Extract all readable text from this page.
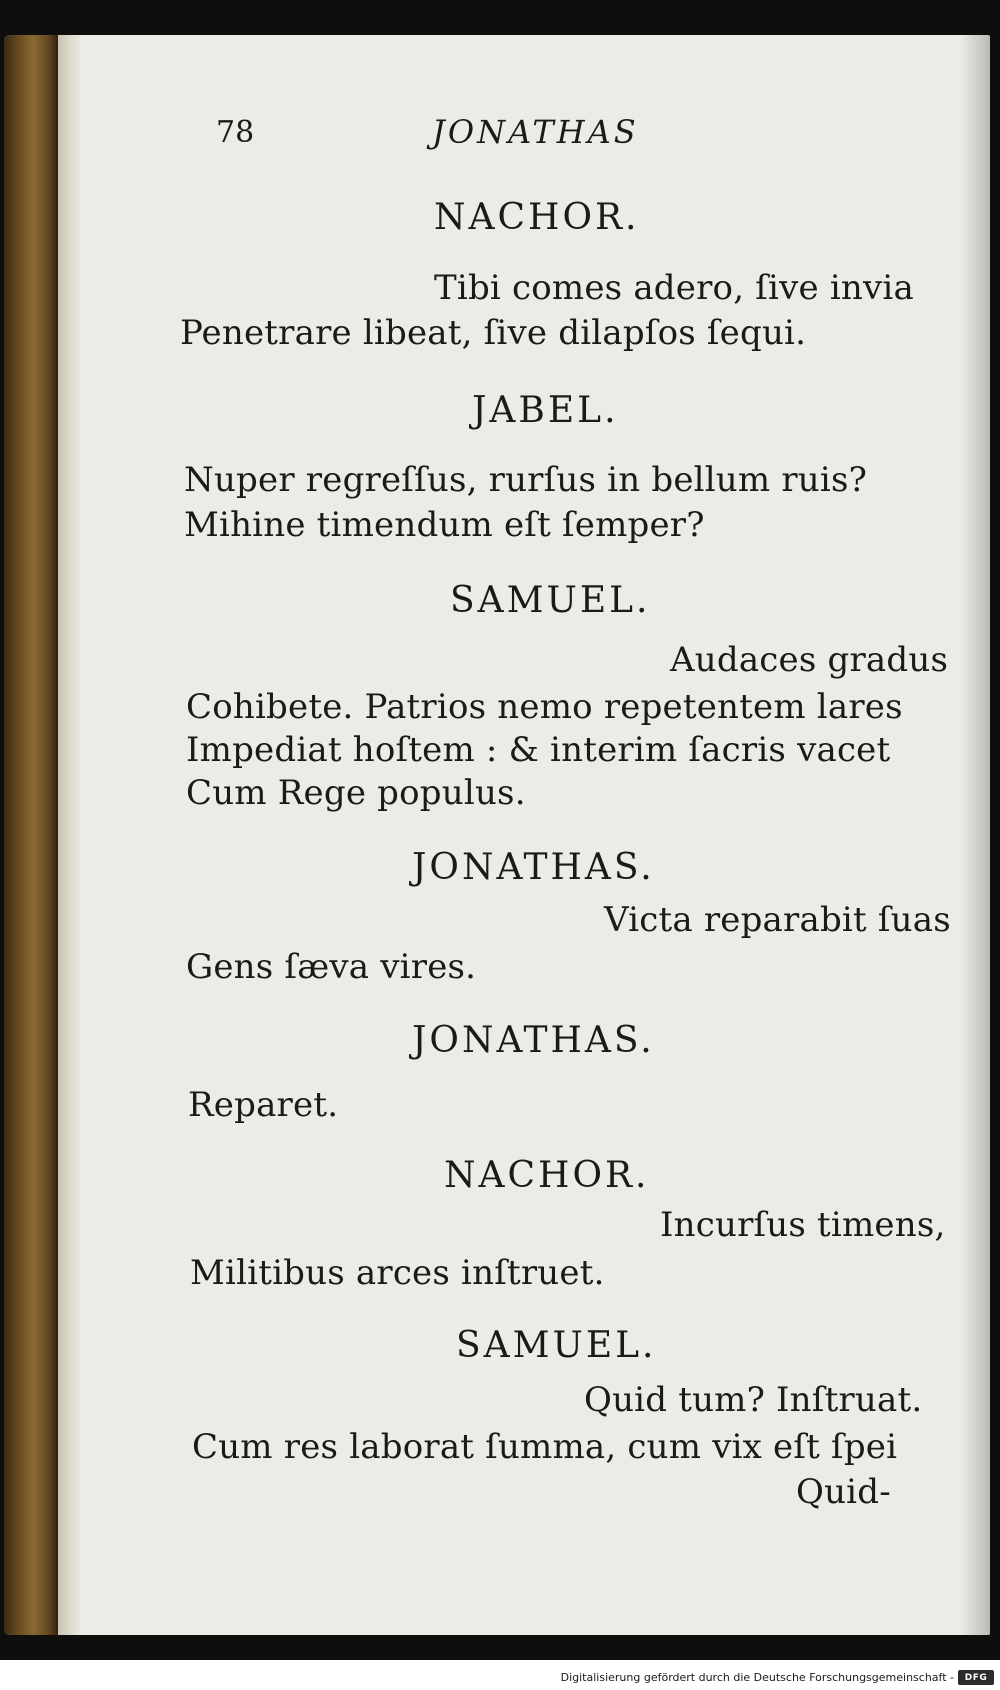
78	JONATHAS
NACHOR.
Tibi comes adero, ſive invia
Penetrare libeat, ſive dilapſos ſequi.
JABEL.
Nuper regreſſus, rurſus in bellum ruis?
Mihine timendum eſt ſemper?
SAMUEL.
Audaces gradus
Cohibete. Patrios nemo repetentem lares
Impediat hoſtem : & interim ſacris vacet
Cum Rege populus.
JONATHAS.
Victa reparabit ſuas
Gens ſæva vires.
JONATHAS.
Reparet.
NACHOR.
Incurſus timens,
Militibus arces inſtruet.
SAMUEL.
Quid tum? Inſtruat.
Cum res laborat ſumma, cum vix eſt ſpei
Quid-
Digitalisierung gefördert durch die Deutsche Forschungsgemeinschaft -	DFG
